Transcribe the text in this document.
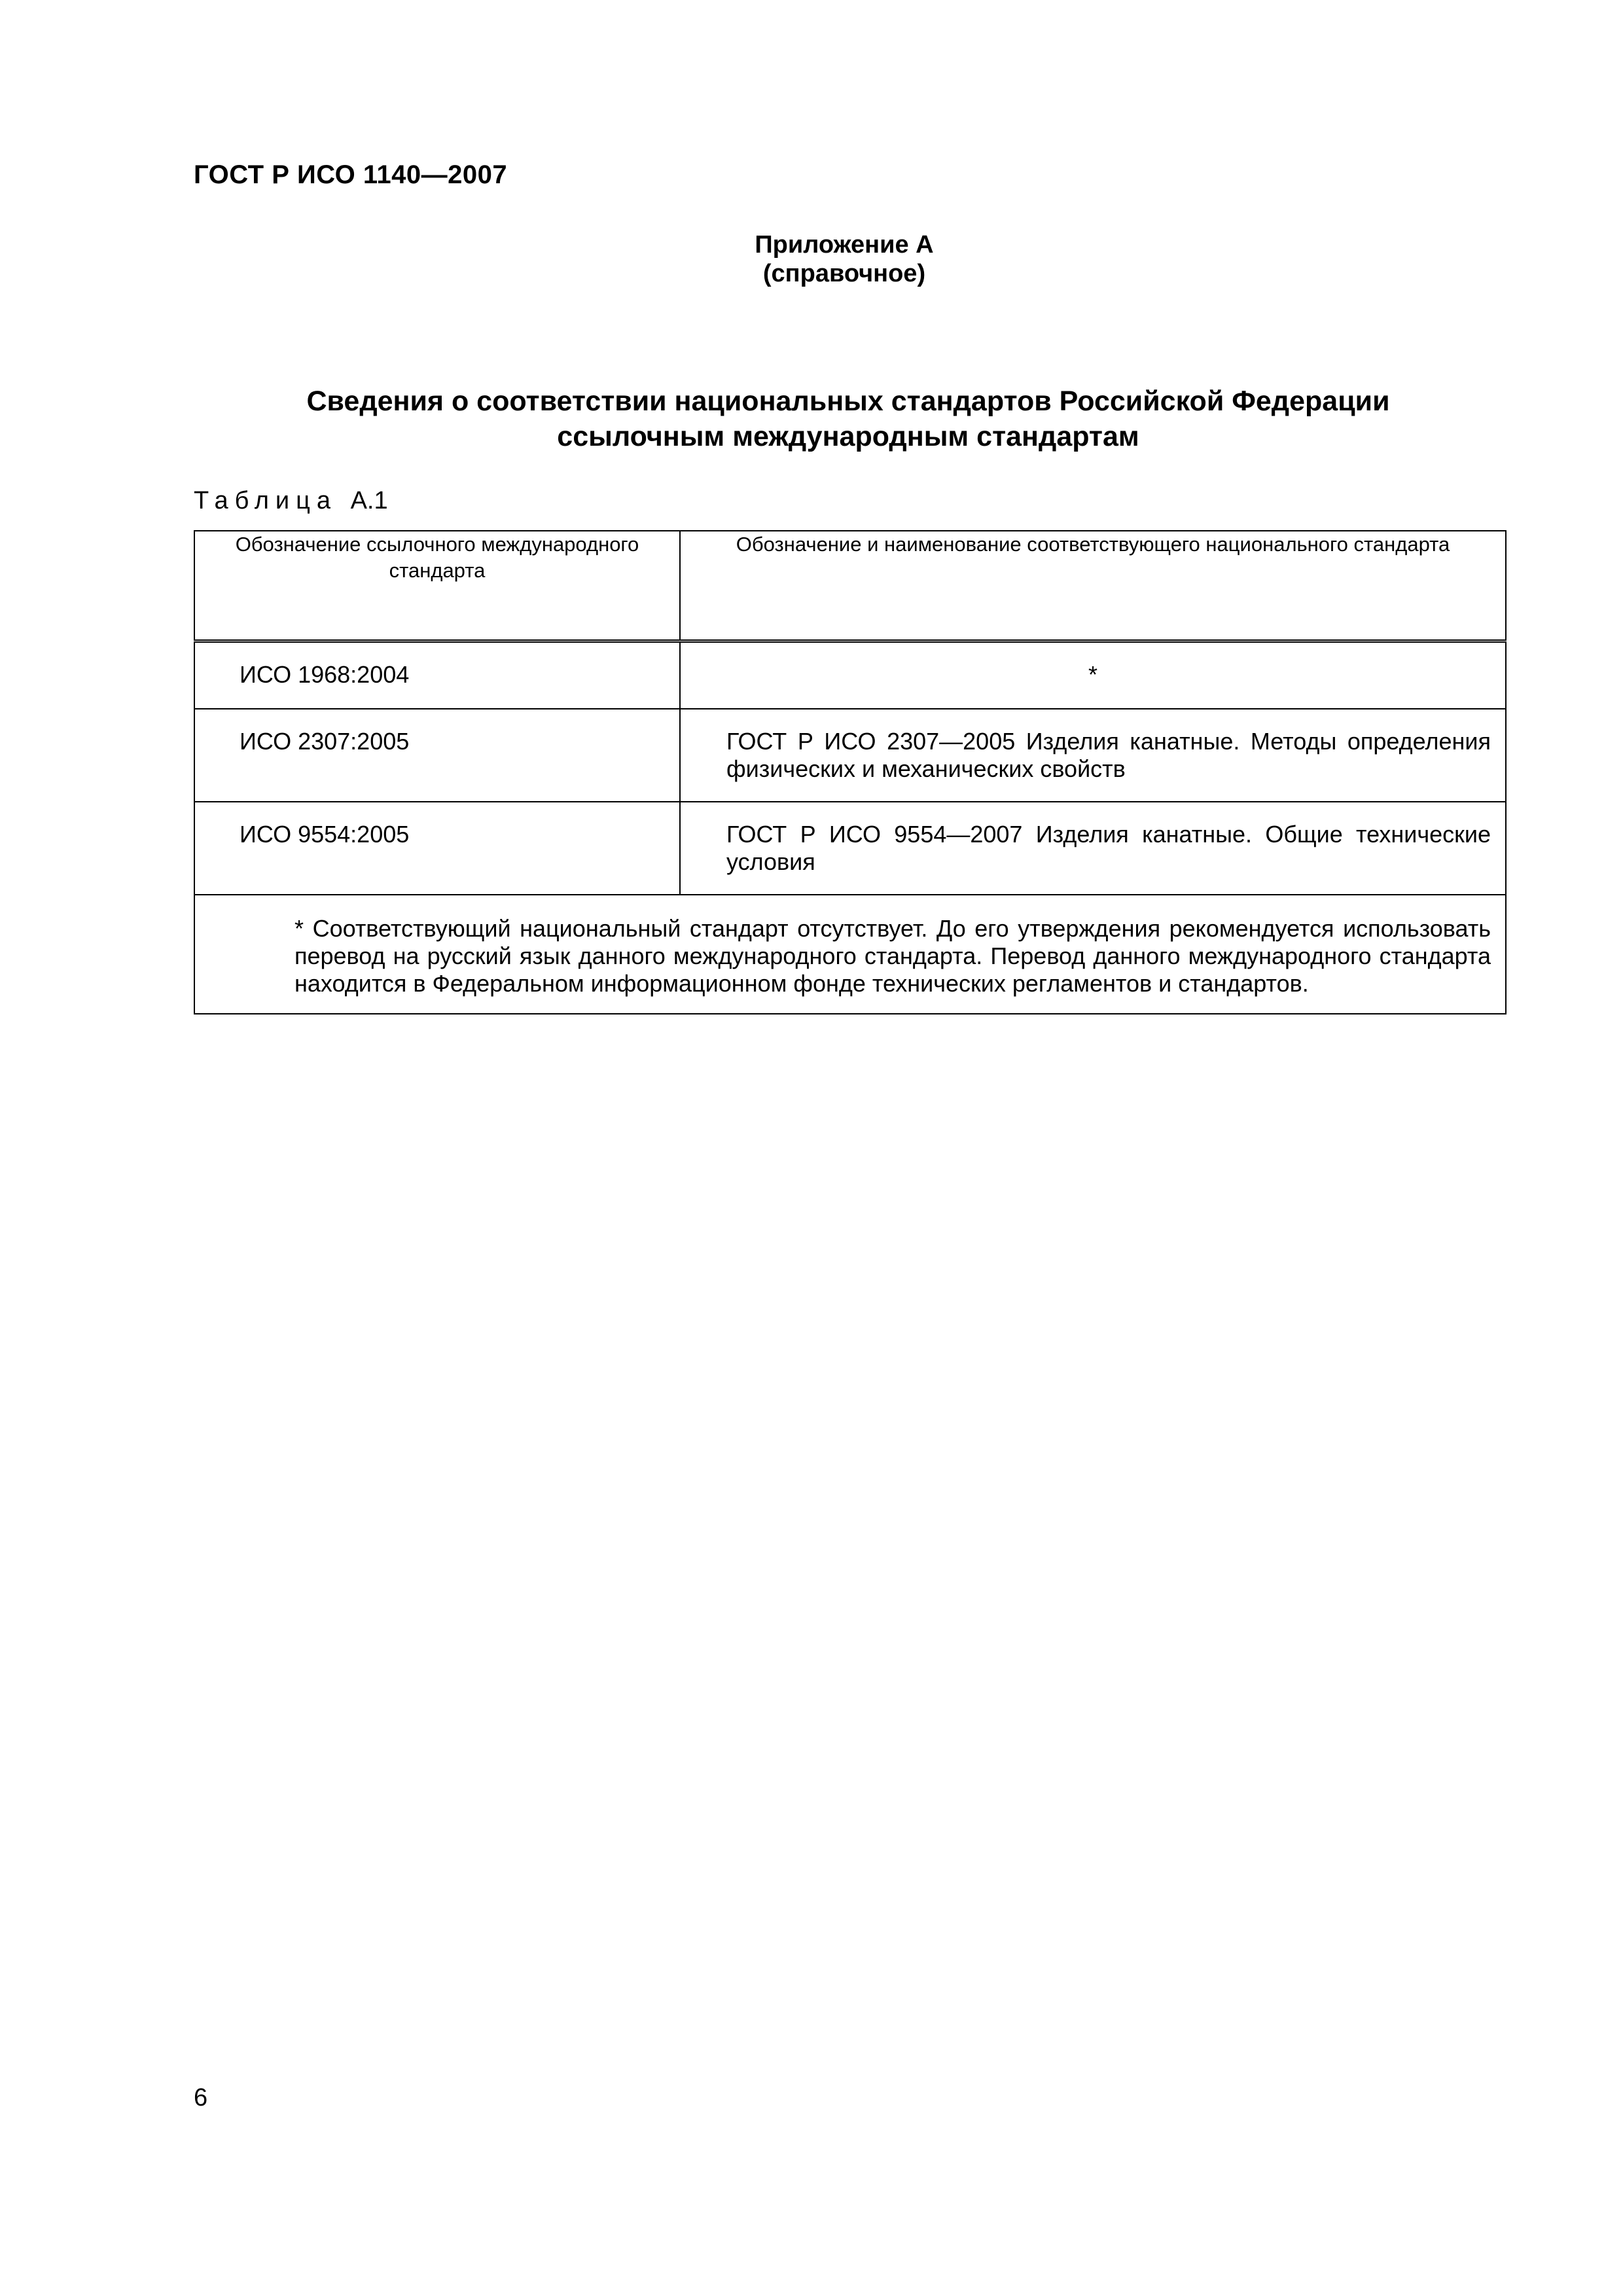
ГОСТ Р ИСО 1140—2007
Приложение А
(справочное)
Сведения о соответствии национальных стандартов Российской Федерации
ссылочным международным стандартам
Таблица А.1
Обозначение ссылочного международного стандарта	Обозначение и наименование соответствующего национального стандарта
ИСО 1968:2004	*
ИСО 2307:2005	ГОСТ Р ИСО 2307—2005 Изделия канатные. Методы определения физических и механических свойств

ИСО 9554:2005	ГОСТ Р ИСО 9554—2007 Изделия канатные. Общие технические условия

* Соответствующий национальный стандарт отсутствует. До его утверждения рекомендуется использовать перевод на русский язык данного международного стандарта. Перевод данного международного стандарта находится в Федеральном информационном фонде технических регламентов и стандартов.	
6
